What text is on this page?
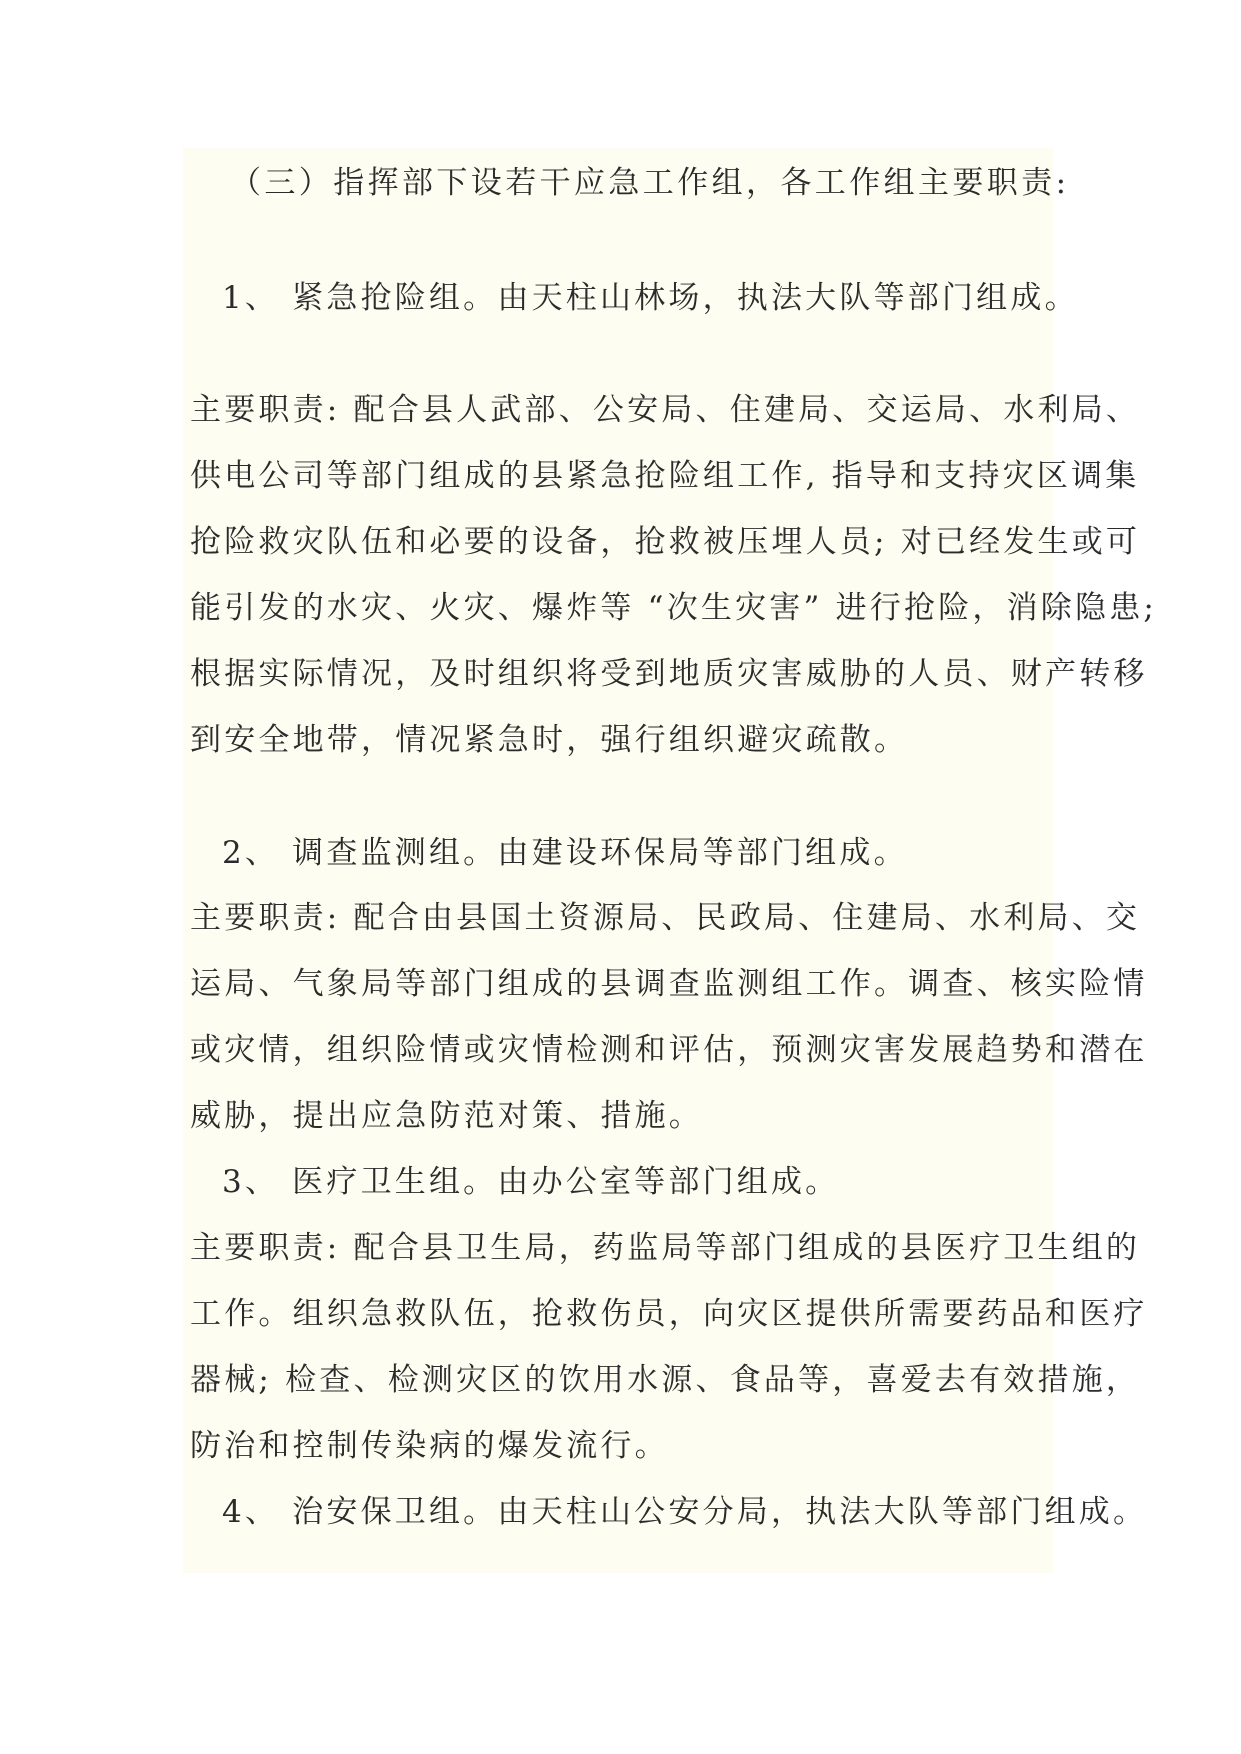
（三）指挥部下设若干应急工作组，各工作组主要职责:
1、 紧急抢险组。由天柱山林场，执法大队等部门组成。
主要职责: 配合县人武部、公安局、住建局、交运局、水利局、
供电公司等部门组成的县紧急抢险组工作, 指导和支持灾区调集
抢险救灾队伍和必要的设备，抢救被压埋人员; 对已经发生或可
能引发的水灾、火灾、爆炸等 “次生灾害” 进行抢险，消除隐患;
根据实际情况，及时组织将受到地质灾害威胁的人员、财产转移
到安全地带，情况紧急时，强行组织避灾疏散。
2、 调查监测组。由建设环保局等部门组成。
主要职责: 配合由县国土资源局、民政局、住建局、水利局、交
运局、气象局等部门组成的县调查监测组工作。调查、核实险情
或灾情，组织险情或灾情检测和评估，预测灾害发展趋势和潜在
威胁，提出应急防范对策、措施。
3、 医疗卫生组。由办公室等部门组成。
主要职责: 配合县卫生局，药监局等部门组成的县医疗卫生组的
工作。组织急救队伍，抢救伤员，向灾区提供所需要药品和医疗
器械; 检查、检测灾区的饮用水源、食品等，喜爱去有效措施，
防治和控制传染病的爆发流行。
4、 治安保卫组。由天柱山公安分局，执法大队等部门组成。
